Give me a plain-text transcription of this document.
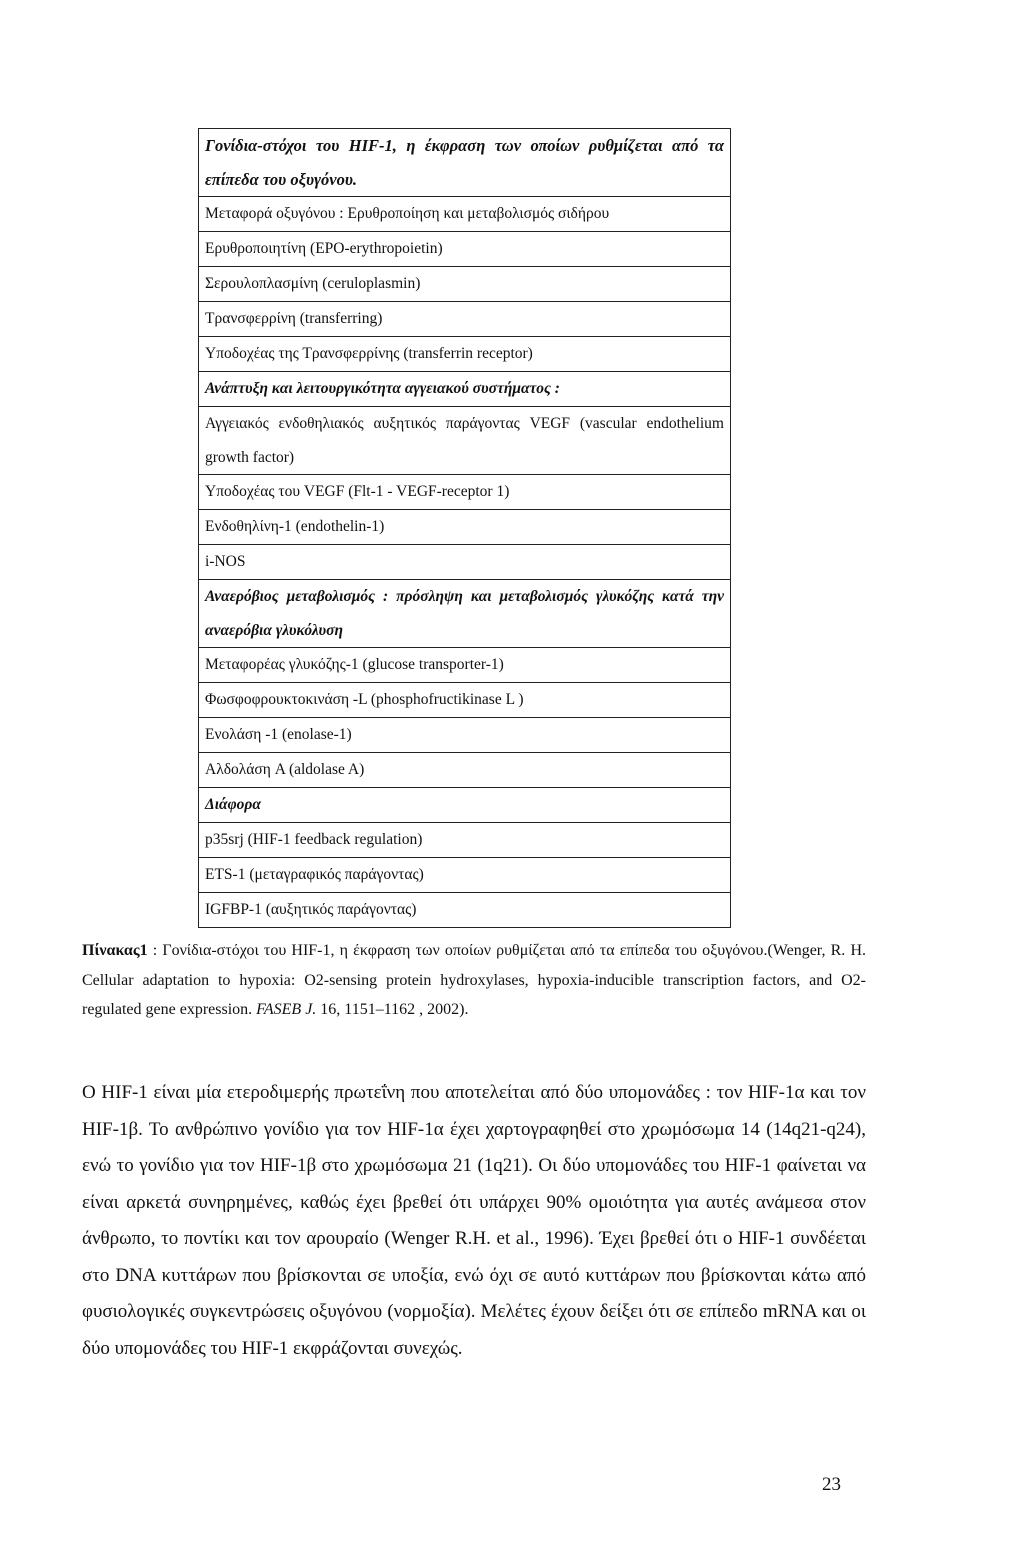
Γονίδια-στόχοι του HIF-1, η έκφραση των οποίων ρυθμίζεται από τα επίπεδα του οξυγόνου.
Μεταφορά οξυγόνου : Ερυθροποίηση και μεταβολισμός σιδήρου
Ερυθροποιητίνη (EPO-erythropoietin)
Σερουλοπλασμίνη (ceruloplasmin)
Τρανσφερρίνη (transferring)
Υποδοχέας της Τρανσφερρίνης (transferrin receptor)
Ανάπτυξη και λειτουργικότητα αγγειακού συστήματος :
Αγγειακός ενδοθηλιακός αυξητικός παράγοντας VEGF (vascular endothelium growth factor)
Υποδοχέας του VEGF (Flt-1 - VEGF-receptor 1)
Ενδοθηλίνη-1 (endothelin-1)
i-NOS
Αναερόβιος μεταβολισμός : πρόσληψη και μεταβολισμός γλυκόζης κατά την αναερόβια γλυκόλυση
Μεταφορέας γλυκόζης-1 (glucose transporter-1)
Φωσφοφρουκτοκινάση -L (phosphofructikinase L )
Ενολάση -1 (enolase-1)
Αλδολάση A (aldolase A)
Διάφορα
p35srj (HIF-1 feedback regulation)
ETS-1 (μεταγραφικός παράγοντας)
IGFBP-1 (αυξητικός παράγοντας)
Πίνακας1 : Γονίδια-στόχοι του HIF-1, η έκφραση των οποίων ρυθμίζεται από τα επίπεδα του οξυγόνου.(Wenger, R. H. Cellular adaptation to hypoxia: O2-sensing protein hydroxylases, hypoxia-inducible transcription factors, and O2-regulated gene expression. FASEB J. 16, 1151–1162 , 2002).
Ο HIF-1 είναι μία ετεροδιμερής πρωτεΐνη που αποτελείται από δύο υπομονάδες : τον HIF-1α και τον HIF-1β. Το ανθρώπινο γονίδιο για τον HIF-1α έχει χαρτογραφηθεί στο χρωμόσωμα 14 (14q21-q24), ενώ το γονίδιο για τον HIF-1β στο χρωμόσωμα 21 (1q21). Οι δύο υπομονάδες του HIF-1 φαίνεται να είναι αρκετά συνηρημένες, καθώς έχει βρεθεί ότι υπάρχει 90% ομοιότητα για αυτές ανάμεσα στον άνθρωπο, το ποντίκι και τον αρουραίο (Wenger R.H. et al., 1996). Έχει βρεθεί ότι ο HIF-1 συνδέεται στο DNA κυττάρων που βρίσκονται σε υποξία, ενώ όχι σε αυτό κυττάρων που βρίσκονται κάτω από φυσιολογικές συγκεντρώσεις οξυγόνου (νορμοξία). Μελέτες έχουν δείξει ότι σε επίπεδο mRNA και οι δύο υπομονάδες του HIF-1 εκφράζονται συνεχώς.
23
